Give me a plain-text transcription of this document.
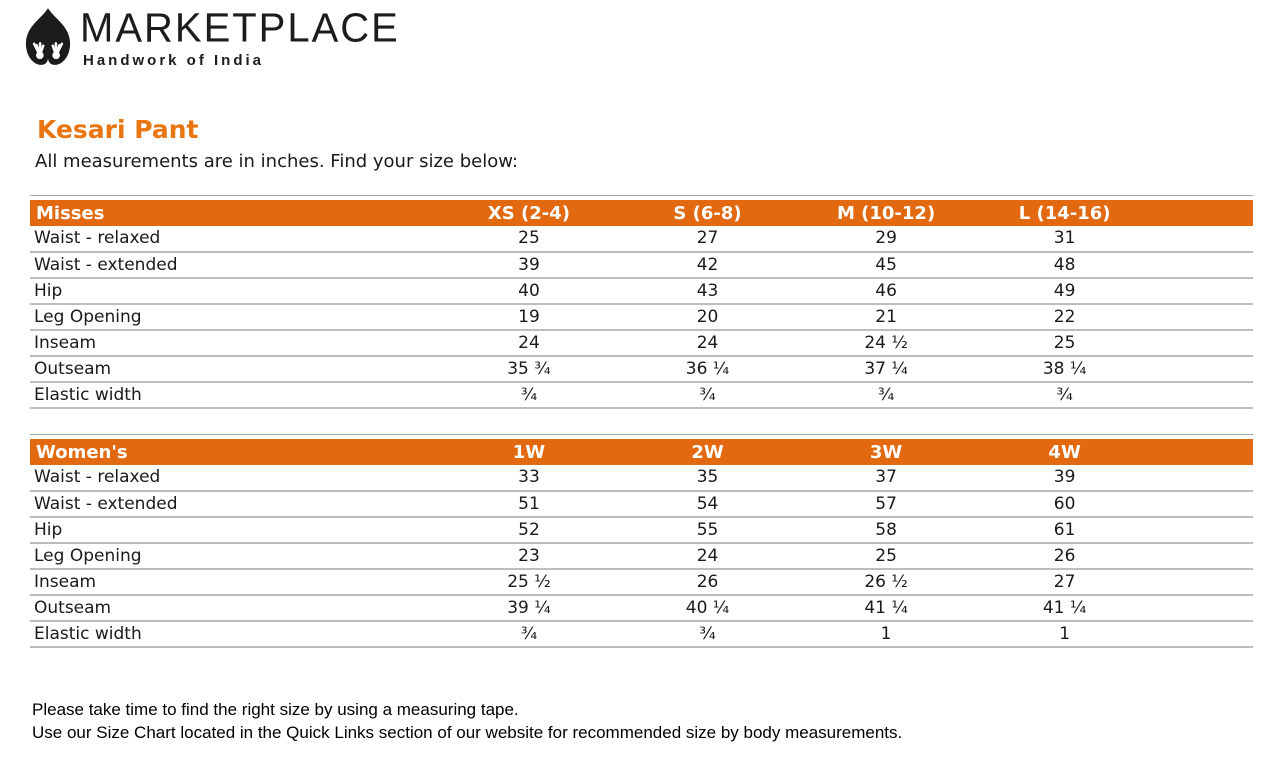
MARKETPLACE
Handwork of India
Kesari Pant
All measurements are in inches. Find your size below:
Misses	XS (2-4)	S (6-8)	M (10-12)	L (14-16)	
Waist - relaxed	25	27	29	31	
Waist - extended	39	42	45	48	
Hip	40	43	46	49	
Leg Opening	19	20	21	22	
Inseam	24	24	24 ½	25	
Outseam	35 ¾	36 ¼	37 ¼	38 ¼	
Elastic width	¾	¾	¾	¾	
Women's	1W	2W	3W	4W	
Waist - relaxed	33	35	37	39	
Waist - extended	51	54	57	60	
Hip	52	55	58	61	
Leg Opening	23	24	25	26	
Inseam	25 ½	26	26 ½	27	
Outseam	39 ¼	40 ¼	41 ¼	41 ¼	
Elastic width	¾	¾	1	1	

Please take time to find the right size by using a measuring tape.

Use our Size Chart located in the Quick Links section of our website for recommended size by body measurements.
